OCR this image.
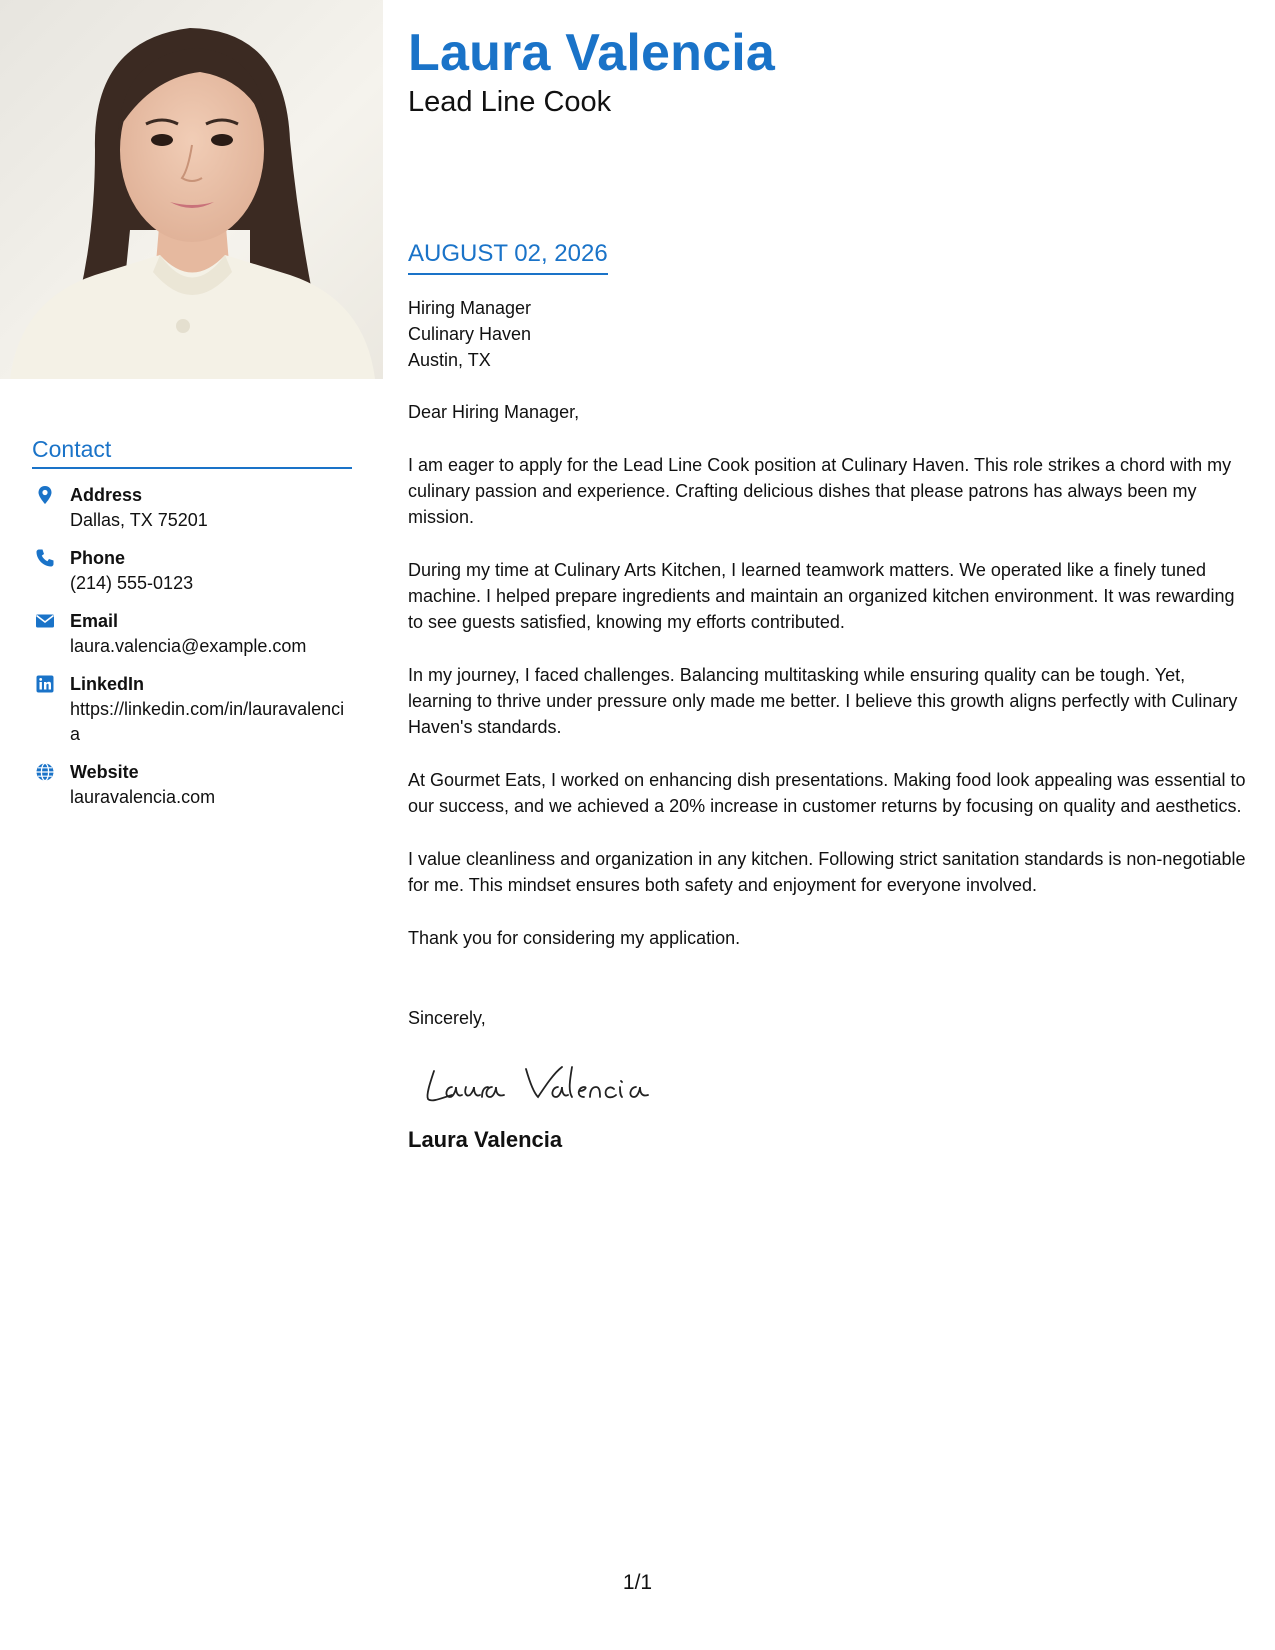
Contact
Address
Dallas, TX 75201
Phone
(214) 555-0123
Email
laura.valencia@example.com
LinkedIn
https://linkedin.com/in/lauravalencia
Website
lauravalencia.com
Laura Valencia
Lead Line Cook
AUGUST 02, 2026
Hiring Manager
Culinary Haven
Austin, TX
Dear Hiring Manager,
I am eager to apply for the Lead Line Cook position at Culinary Haven. This role strikes a chord with my culinary passion and experience. Crafting delicious dishes that please patrons has always been my mission.
During my time at Culinary Arts Kitchen, I learned teamwork matters. We operated like a finely tuned machine. I helped prepare ingredients and maintain an organized kitchen environment. It was rewarding to see guests satisfied, knowing my efforts contributed.
In my journey, I faced challenges. Balancing multitasking while ensuring quality can be tough. Yet, learning to thrive under pressure only made me better. I believe this growth aligns perfectly with Culinary Haven's standards.
At Gourmet Eats, I worked on enhancing dish presentations. Making food look appealing was essential to our success, and we achieved a 20% increase in customer returns by focusing on quality and aesthetics.
I value cleanliness and organization in any kitchen. Following strict sanitation standards is non-negotiable for me. This mindset ensures both safety and enjoyment for everyone involved.
Thank you for considering my application.
Sincerely,
Laura Valencia
1/1
